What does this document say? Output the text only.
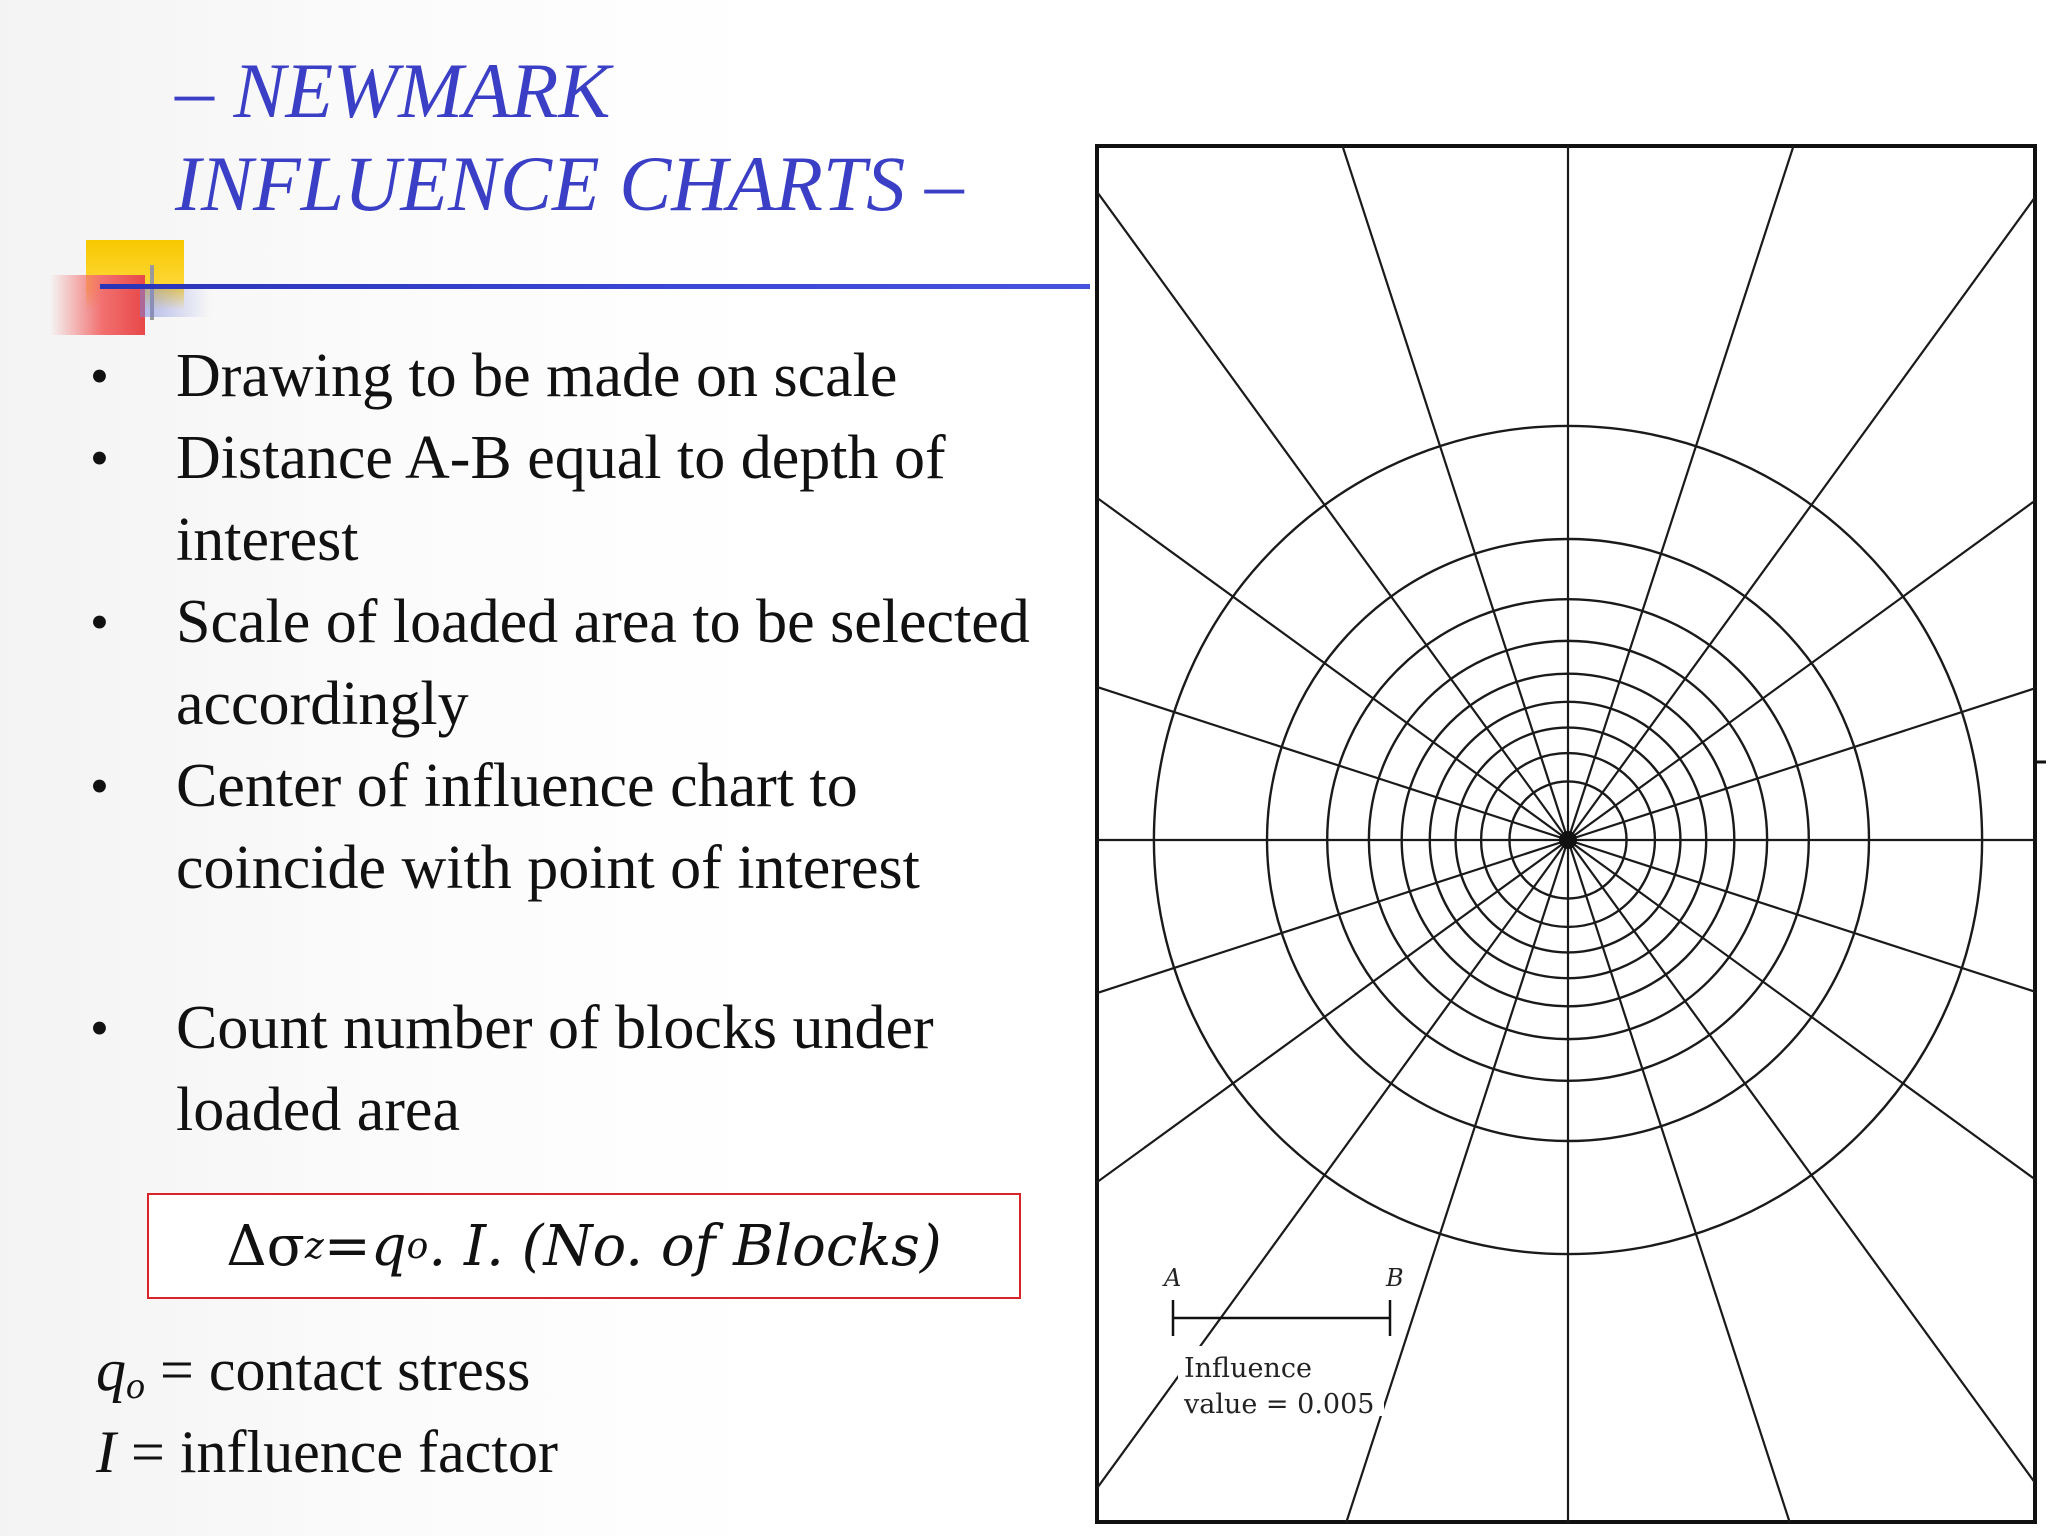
– NEWMARK
INFLUENCE CHARTS –
• Drawing to be made on scale
• Distance A-B equal to depth of interest
• Scale of loaded area to be selected accordingly
• Center of influence chart to coincide with point of interest
• Count number of blocks under loaded area
Δσ z = q o . I. (No. of Blocks)
$q_o$ = contact stress
I = influence factor
A	B
Influence
value = 0.005
